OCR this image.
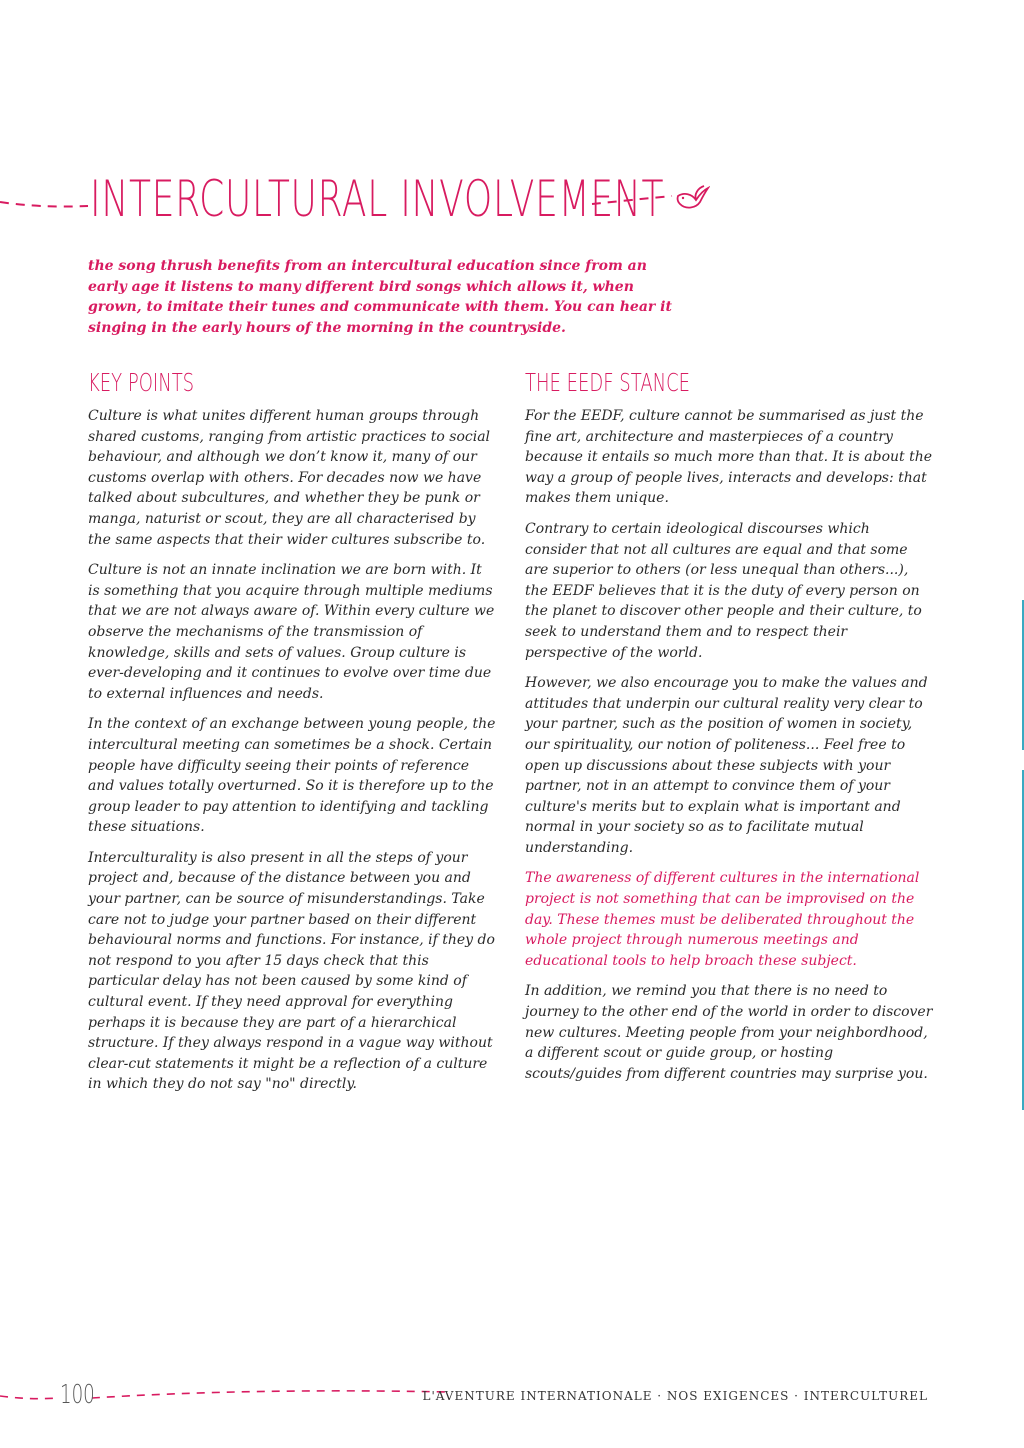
INTERCULTURAL INVOLVEMENT

the song thrush benefits from an intercultural education since from an early age it listens to many different bird songs which allows it, when grown, to imitate their tunes and communicate with them. You can hear it singing in the early hours of the morning in the countryside.

KEY POINTS

Culture is what unites different human groups through shared customs, ranging from artistic practices to social behaviour, and although we don’t know it, many of our customs overlap with others. For decades now we have talked about subcultures, and whether they be punk or manga, naturist or scout, they are all characterised by the same aspects that their wider cultures subscribe to.

Culture is not an innate inclination we are born with. It is something that you acquire through multiple mediums that we are not always aware of. Within every culture we observe the mechanisms of the transmission of knowledge, skills and sets of values. Group culture is ever-developing and it continues to evolve over time due to external influences and needs.

In the context of an exchange between young people, the intercultural meeting can sometimes be a shock. Certain people have difficulty seeing their points of reference and values totally overturned. So it is therefore up to the group leader to pay attention to identifying and tackling these situations.

Interculturality is also present in all the steps of your project and, because of the distance between you and your partner, can be source of misunderstandings. Take care not to judge your partner based on their different behavioural norms and functions. For instance, if they do not respond to you after 15 days check that this particular delay has not been caused by some kind of cultural event. If they need approval for everything perhaps it is because they are part of a hierarchical structure. If they always respond in a vague way without clear-cut statements it might be a reflection of a culture in which they do not say "no" directly.

THE EEDF STANCE

For the EEDF, culture cannot be summarised as just the fine art, architecture and masterpieces of a country because it entails so much more than that. It is about the way a group of people lives, interacts and develops: that makes them unique.

Contrary to certain ideological discourses which consider that not all cultures are equal and that some are superior to others (or less unequal than others...), the EEDF believes that it is the duty of every person on the planet to discover other people and their culture, to seek to understand them and to respect their perspective of the world.

However, we also encourage you to make the values and attitudes that underpin our cultural reality very clear to your partner, such as the position of women in society, our spirituality, our notion of politeness... Feel free to open up discussions about these subjects with your partner, not in an attempt to convince them of your culture's merits but to explain what is important and normal in your society so as to facilitate mutual understanding.

The awareness of different cultures in the international project is not something that can be improvised on the day. These themes must be deliberated throughout the whole project through numerous meetings and educational tools to help broach these subject.

In addition, we remind you that there is no need to journey to the other end of the world in order to discover new cultures. Meeting people from your neighbordhood, a different scout or guide group, or hosting scouts/guides from different countries may surprise you.

100	L'AVENTURE INTERNATIONALE · NOS EXIGENCES · INTERCULTUREL
